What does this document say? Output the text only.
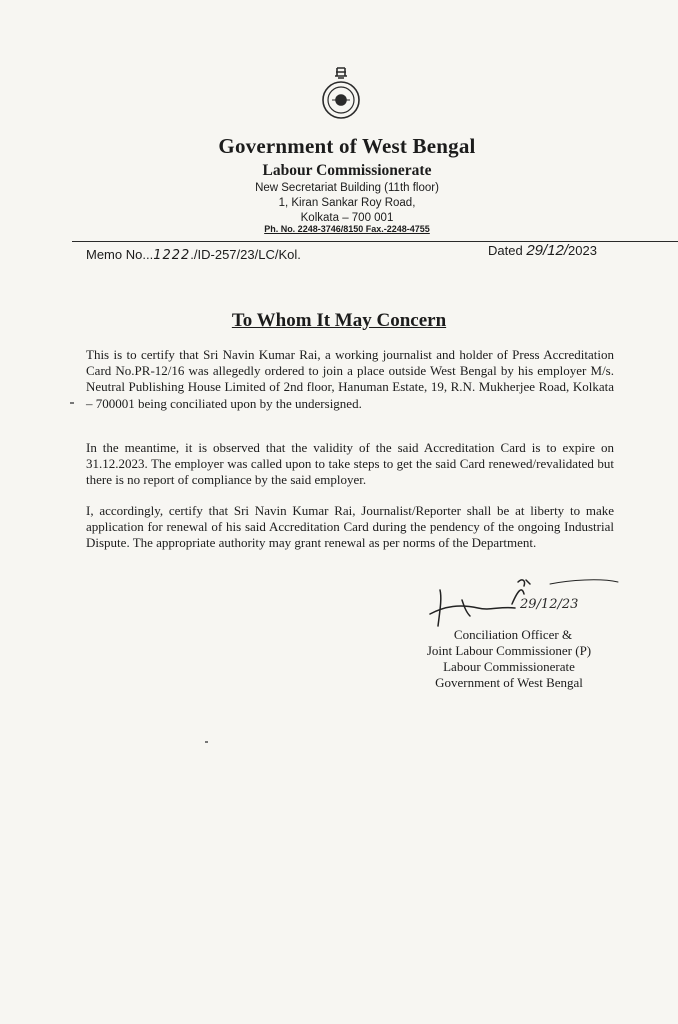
Government of West Bengal
Labour Commissionerate
New Secretariat Building (11th floor)
1, Kiran Sankar Roy Road,
Kolkata – 700 001
Ph. No. 2248-3746/8150 Fax.-2248-4755
Memo No...1222./ID-257/23/LC/Kol.	Dated 29/12/2023
To Whom It May Concern

This is to certify that Sri Navin Kumar Rai, a working journalist and holder of Press Accreditation Card No.PR-12/16 was allegedly ordered to join a place outside West Bengal by his employer M/s. Neutral Publishing House Limited of 2nd floor, Hanuman Estate, 19, R.N. Mukherjee Road, Kolkata – 700001 being conciliated upon by the undersigned.

In the meantime, it is observed that the validity of the said Accreditation Card is to expire on 31.12.2023. The employer was called upon to take steps to get the said Card renewed/revalidated but there is no report of compliance by the said employer.

I, accordingly, certify that Sri Navin Kumar Rai, Journalist/Reporter shall be at liberty to make application for renewal of his said Accreditation Card during the pendency of the ongoing Industrial Dispute. The appropriate authority may grant renewal as per norms of the Department.

29/12/23
Conciliation Officer &
Joint Labour Commissioner (P)
Labour Commissionerate
Government of West Bengal
